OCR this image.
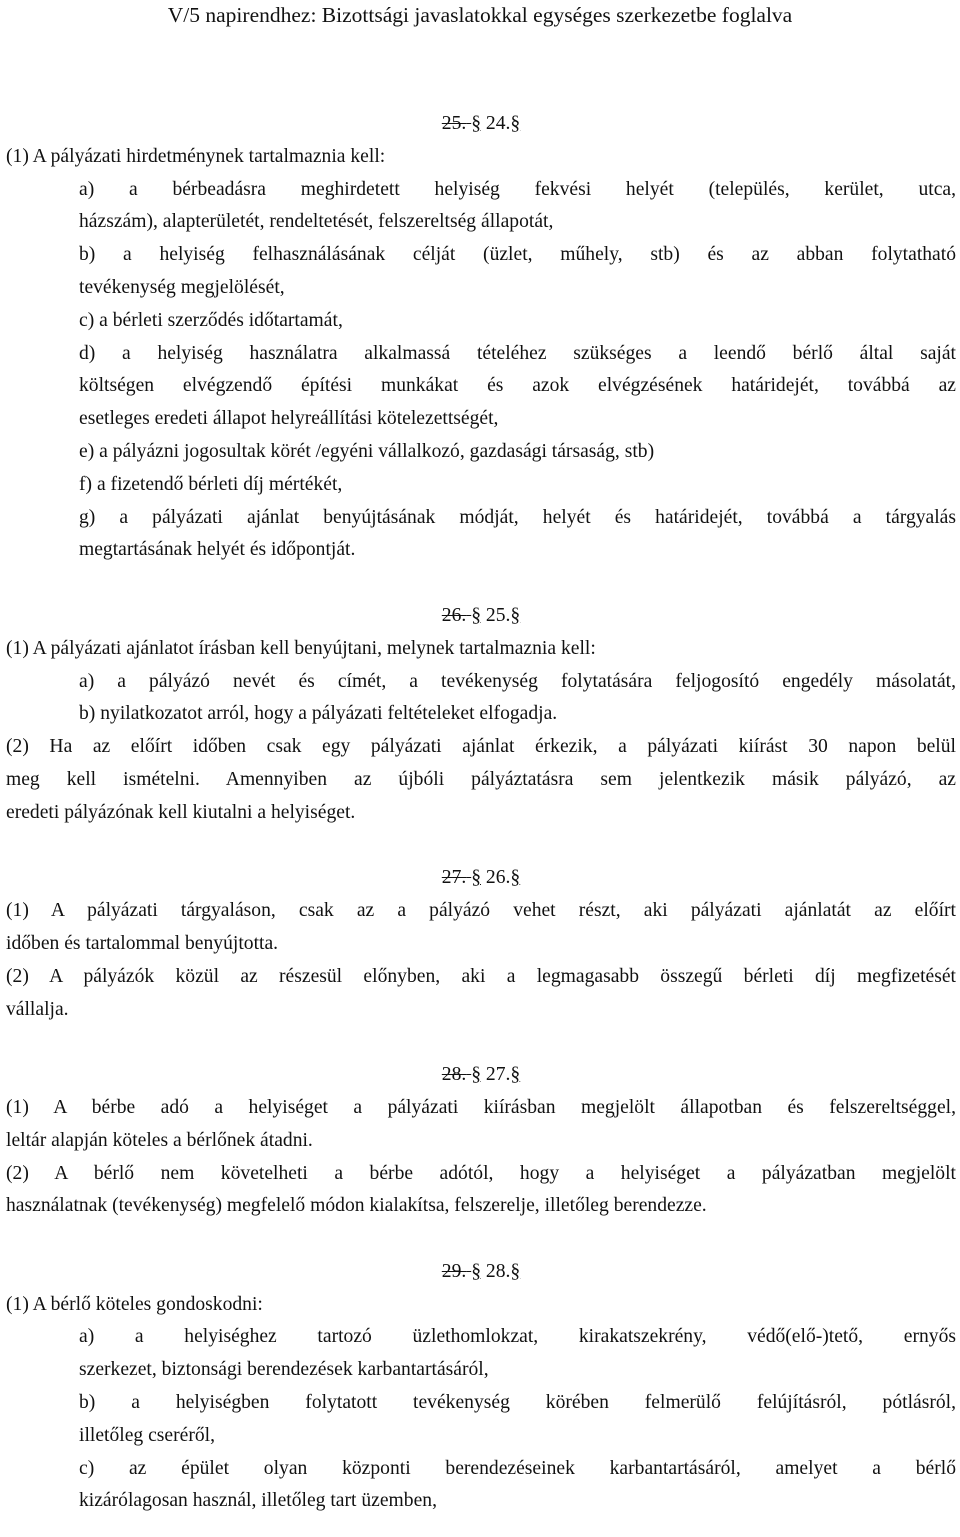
V/5 napirendhez: Bizottsági javaslatokkal egységes szerkezetbe foglalva
25. § 24.§
(1) A pályázati hirdetménynek tartalmaznia kell:
a) a bérbeadásra meghirdetett helyiség fekvési helyét (település, kerület, utca,
házszám), alapterületét, rendeltetését, felszereltség állapotát,
b) a helyiség felhasználásának célját (üzlet, műhely, stb) és az abban folytatható
tevékenység megjelölését,
c) a bérleti szerződés időtartamát,
d) a helyiség használatra alkalmassá tételéhez szükséges a leendő bérlő által saját
költségen elvégzendő építési munkákat és azok elvégzésének határidejét, továbbá az
esetleges eredeti állapot helyreállítási kötelezettségét,
e) a pályázni jogosultak körét /egyéni vállalkozó, gazdasági társaság, stb)
f) a fizetendő bérleti díj mértékét,
g) a pályázati ajánlat benyújtásának módját, helyét és határidejét, továbbá a tárgyalás
megtartásának helyét és időpontját.
26. § 25.§
(1) A pályázati ajánlatot írásban kell benyújtani, melynek tartalmaznia kell:
a) a pályázó nevét és címét, a tevékenység folytatására feljogosító engedély másolatát,
b) nyilatkozatot arról, hogy a pályázati feltételeket elfogadja.
(2) Ha az előírt időben csak egy pályázati ajánlat érkezik, a pályázati kiírást 30 napon belül
meg kell ismételni. Amennyiben az újbóli pályáztatásra sem jelentkezik másik pályázó, az
eredeti pályázónak kell kiutalni a helyiséget.
27. § 26.§
(1) A pályázati tárgyaláson, csak az a pályázó vehet részt, aki pályázati ajánlatát az előírt
időben és tartalommal benyújtotta.
(2) A pályázók közül az részesül előnyben, aki a legmagasabb összegű bérleti díj megfizetését
vállalja.
28. § 27.§
(1) A bérbe adó a helyiséget a pályázati kiírásban megjelölt állapotban és felszereltséggel,
leltár alapján köteles a bérlőnek átadni.
(2) A bérlő nem követelheti a bérbe adótól, hogy a helyiséget a pályázatban megjelölt
használatnak (tevékenység) megfelelő módon kialakítsa, felszerelje, illetőleg berendezze.
29. § 28.§
(1) A bérlő köteles gondoskodni:
a) a helyiséghez tartozó üzlethomlokzat, kirakatszekrény, védő(elő-)tető, ernyős
szerkezet, biztonsági berendezések karbantartásáról,
b) a helyiségben folytatott tevékenység körében felmerülő felújításról, pótlásról,
illetőleg cseréről,
c) az épület olyan központi berendezéseinek karbantartásáról, amelyet a bérlő
kizárólagosan használ, illetőleg tart üzemben,
